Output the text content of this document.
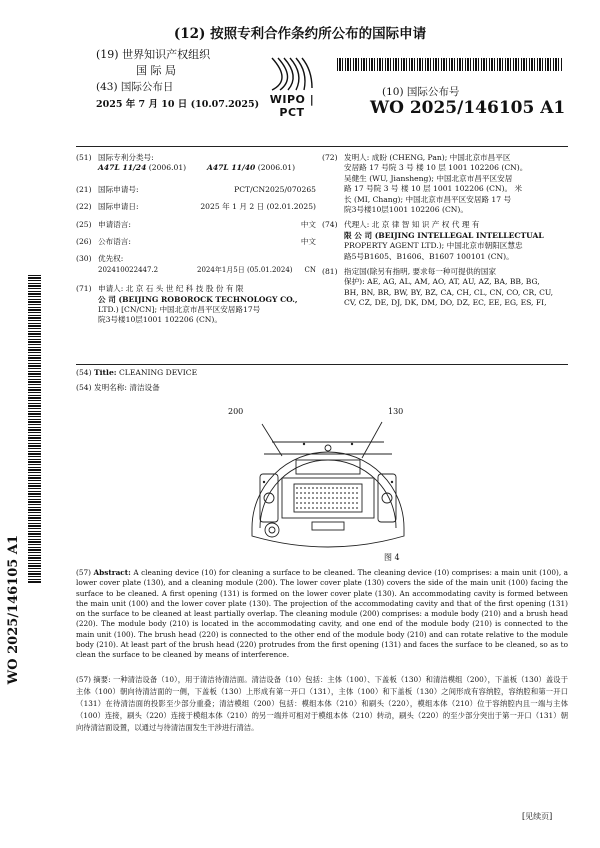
(12) 按照专利合作条约所公布的国际申请
(19) 世界知识产权组织
国 际 局
(43) 国际公布日
2025 年 7 月 10 日 (10.07.2025) WIPO | PCT
(10) 国际公布号
WO 2025/146105 A1
(51) 国际专利分类号:
A47L 11/24 (2006.01)	A47L 11/40 (2006.01)
(21) 国际申请号:	PCT/CN2025/070265
(22) 国际申请日:	2025 年 1 月 2 日 (02.01.2025)
(25) 申请语言:	中文
(26) 公布语言:	中文
(30) 优先权:
202410022447.2	2024年1月5日 (05.01.2024) CN
(71) 申请人: 北 京 石 头 世 纪 科 技 股 份 有 限
公 司 (BEIJING ROBOROCK TECHNOLOGY CO.,
LTD.) [CN/CN]; 中国北京市昌平区安居路17号
院3号楼10层1001 102206 (CN)。
(72) 发明人: 成盼 (CHENG, Pan); 中国北京市昌平区
安居路 17 号院 3 号 楼 10 层 1001 102206 (CN)。
吴健生 (WU, Jiansheng); 中国北京市昌平区安居
路 17 号院 3 号 楼 10 层 1001 102206 (CN)。 米
长 (MI, Chang); 中国北京市昌平区安居路 17 号
院3号楼10层1001 102206 (CN)。
(74) 代理人: 北 京 律 智 知 识 产 权 代 理 有
限 公 司 (BEIJING INTELLEGAL INTELLECTUAL
PROPERTY AGENT LTD.); 中国北京市朝阳区慧忠
路5号B1605、B1606、B1607 100101 (CN)。
(81) 指定国(除另有指明, 要求每一种可提供的国家
保护): AE, AG, AL, AM, AO, AT, AU, AZ, BA, BB, BG,
BH, BN, BR, BW, BY, BZ, CA, CH, CL, CN, CO, CR, CU,
CV, CZ, DE, DJ, DK, DM, DO, DZ, EC, EE, EG, ES, FI,
WO 2025/146105 A1
(54) Title: CLEANING DEVICE
(54) 发明名称: 清洁设备
200	130
图 4
(57) Abstract: A cleaning device (10) for cleaning a surface to be cleaned. The cleaning device (10) comprises: a main unit (100), a lower cover plate (130), and a cleaning module (200). The lower cover plate (130) covers the side of the main unit (100) facing the surface to be cleaned. A first opening (131) is formed on the lower cover plate (130). An accommodating cavity is formed between the main unit (100) and the lower cover plate (130). The projection of the accommodating cavity and that of the first opening (131) on the surface to be cleaned at least partially overlap. The cleaning module (200) comprises: a module body (210) and a brush head (220). The module body (210) is located in the accommodating cavity, and one end of the module body (210) is connected to the main unit (100). The brush head (220) is connected to the other end of the module body (210) and can rotate relative to the module body (210). At least part of the brush head (220) protrudes from the first opening (131) and faces the surface to be cleaned, so as to clean the surface to be cleaned by means of interference.
(57) 摘要: 一种清洁设备（10），用于清洁待清洁面。清洁设备（10）包括：主体（100）、下盖板（130）和清洁模组（200），下盖板（130）盖设于主体（100）朝向待清洁面的一侧，下盖板（130）上形成有第一开口（131），主体（100）和下盖板（130）之间形成有容纳腔，容纳腔和第一开口（131）在待清洁面的投影至少部分重叠；清洁模组（200）包括：模组本体（210）和刷头（220），模组本体（210）位于容纳腔内且一端与主体（100）连接，刷头（220）连接于模组本体（210）的另一端并可相对于模组本体（210）转动，刷头（220）的至少部分突出于第一开口（131）朝向待清洁面设置，以通过与待清洁面发生干涉进行清洁。
[见续页]
